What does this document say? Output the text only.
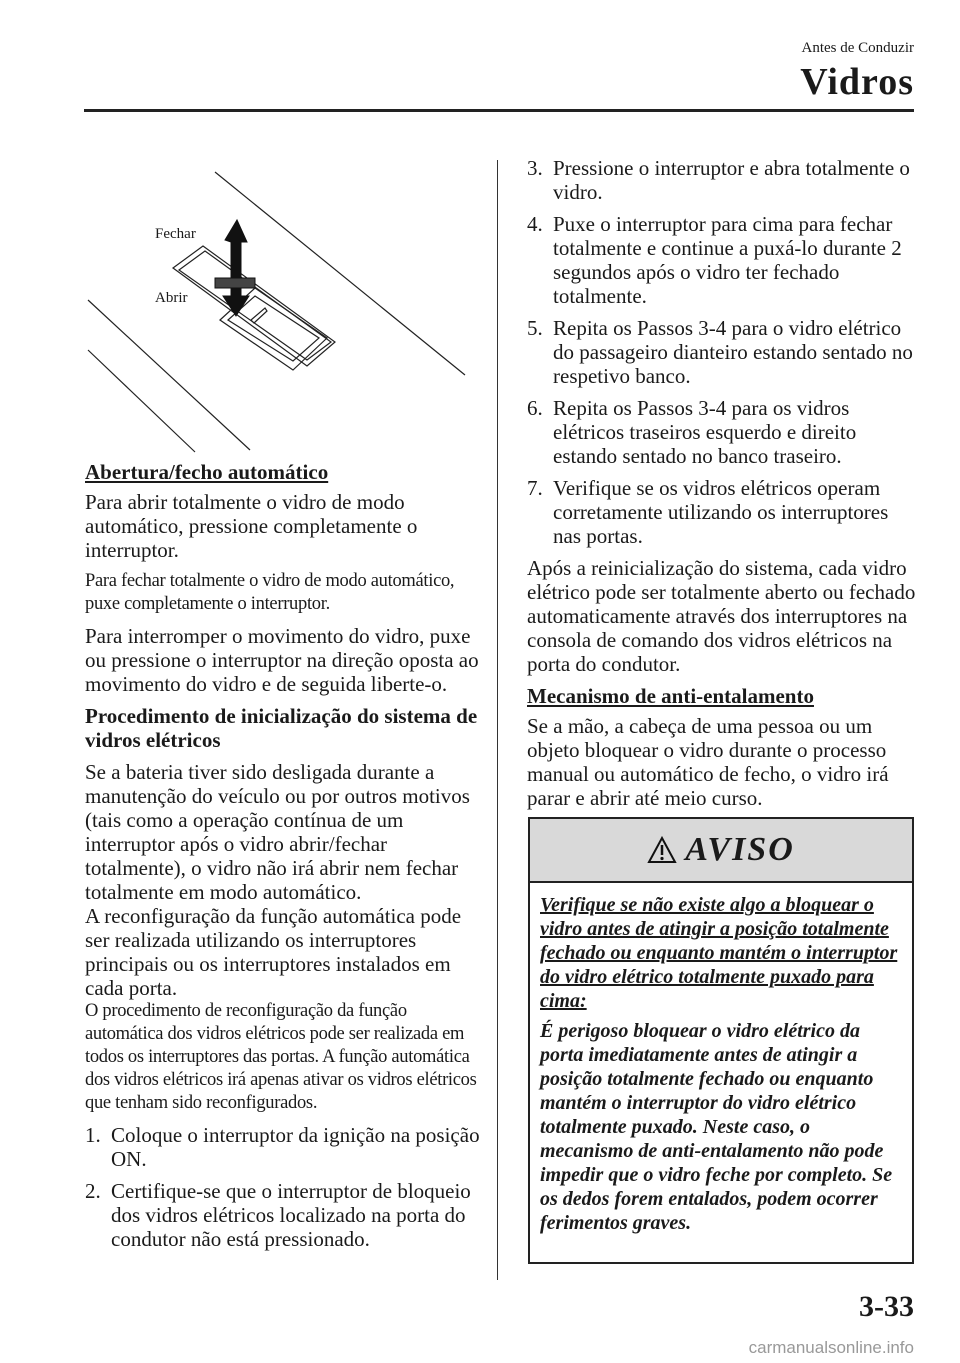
Antes de Conduzir
Vidros
Fechar
Abrir
Abertura/fecho automático

Para abrir totalmente o vidro de modo automático, pressione completamente o interruptor.

Para fechar totalmente o vidro de modo automático, puxe completamente o interruptor.

Para interromper o movimento do vidro, puxe ou pressione o interruptor na direção oposta ao movimento do vidro e de seguida liberte-o.

Procedimento de inicialização do sistema de vidros elétricos

Se a bateria tiver sido desligada durante a manutenção do veículo ou por outros motivos (tais como a operação contínua de um interruptor após o vidro abrir/fechar totalmente), o vidro não irá abrir nem fechar totalmente em modo automático.

A reconfiguração da função automática pode ser realizada utilizando os interruptores principais ou os interruptores instalados em cada porta.

O procedimento de reconfiguração da função automática dos vidros elétricos pode ser realizada em todos os interruptores das portas. A função automática dos vidros elétricos irá apenas ativar os vidros elétricos que tenham sido reconfigurados.

1. Coloque o interruptor da ignição na posição ON.
2. Certifique-se que o interruptor de bloqueio dos vidros elétricos localizado na porta do condutor não está pressionado.
3. Pressione o interruptor e abra totalmente o vidro.
4. Puxe o interruptor para cima para fechar totalmente e continue a puxá-lo durante 2 segundos após o vidro ter fechado totalmente.
5. Repita os Passos 3-4 para o vidro elétrico do passageiro dianteiro estando sentado no respetivo banco.
6. Repita os Passos 3-4 para os vidros elétricos traseiros esquerdo e direito estando sentado no banco traseiro.
7. Verifique se os vidros elétricos operam corretamente utilizando os interruptores nas portas.

Após a reinicialização do sistema, cada vidro elétrico pode ser totalmente aberto ou fechado automaticamente através dos interruptores na consola de comando dos vidros elétricos na porta do condutor.

Mecanismo de anti-entalamento

Se a mão, a cabeça de uma pessoa ou um objeto bloquear o vidro durante o processo manual ou automático de fecho, o vidro irá parar e abrir até meio curso.

AVISO

Verifique se não existe algo a bloquear o vidro antes de atingir a posição totalmente fechado ou enquanto mantém o interruptor do vidro elétrico totalmente puxado para cima:

É perigoso bloquear o vidro elétrico da porta imediatamente antes de atingir a posição totalmente fechado ou enquanto mantém o interruptor do vidro elétrico totalmente puxado. Neste caso, o mecanismo de anti-entalamento não pode impedir que o vidro feche por completo. Se os dedos forem entalados, podem ocorrer ferimentos graves.

3-33
carmanualsonline.info
